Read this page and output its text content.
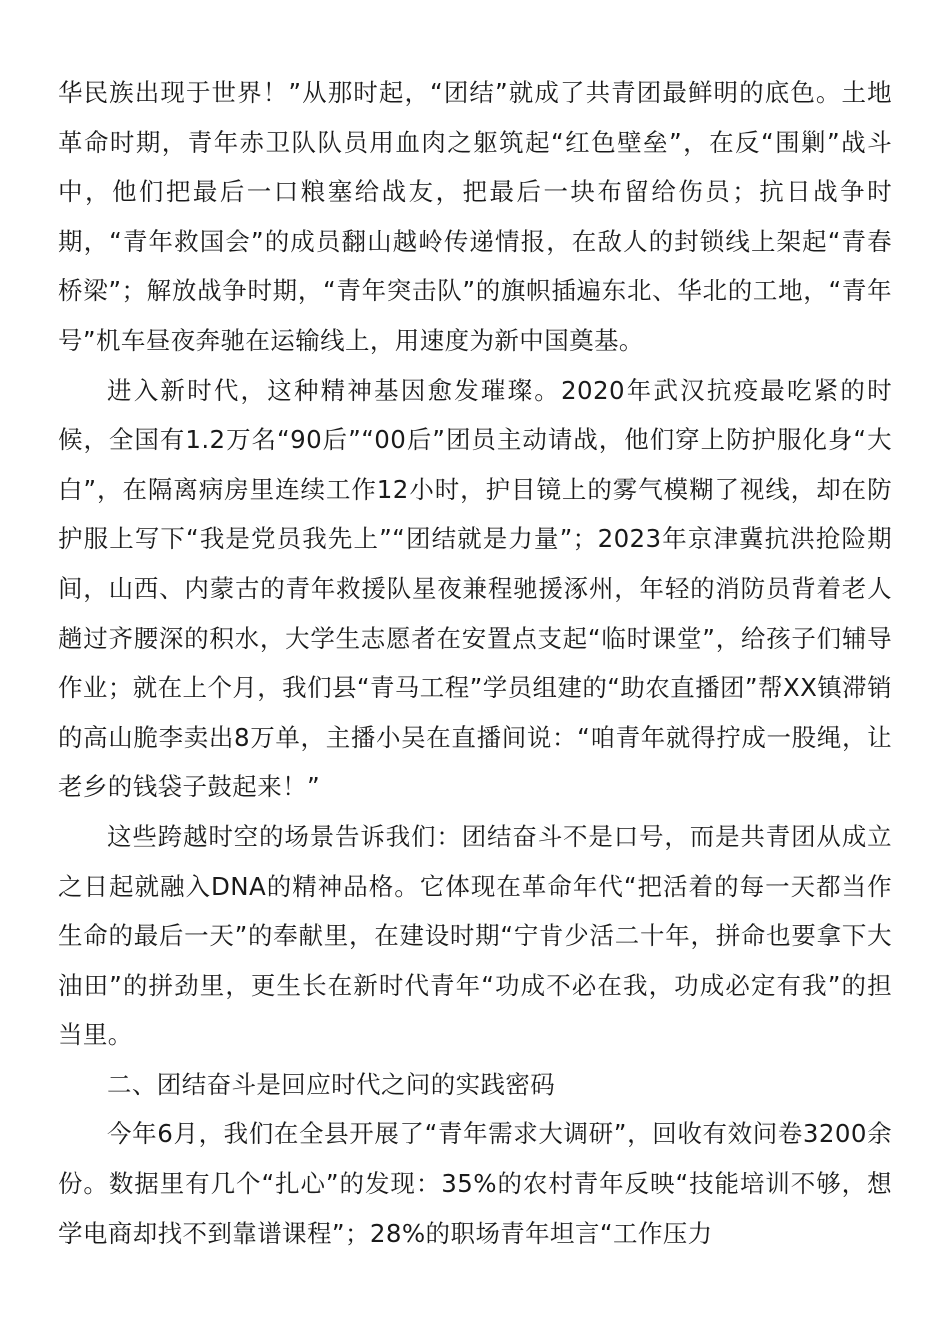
华民族出现于世界！”从那时起，“团结”就成了共青团最鲜明的底色。土地革命时期，青年赤卫队队员用血肉之躯筑起“红色壁垒”，在反“围剿”战斗中，他们把最后一口粮塞给战友，把最后一块布留给伤员；抗日战争时期，“青年救国会”的成员翻山越岭传递情报，在敌人的封锁线上架起“青春桥梁”；解放战争时期，“青年突击队”的旗帜插遍东北、华北的工地，“青年号”机车昼夜奔驰在运输线上，用速度为新中国奠基。

进入新时代，这种精神基因愈发璀璨。2020年武汉抗疫最吃紧的时候，全国有1.2万名“90后”“00后”团员主动请战，他们穿上防护服化身“大白”，在隔离病房里连续工作12小时，护目镜上的雾气模糊了视线，却在防护服上写下“我是党员我先上”“团结就是力量”；2023年京津冀抗洪抢险期间，山西、内蒙古的青年救援队星夜兼程驰援涿州，年轻的消防员背着老人趟过齐腰深的积水，大学生志愿者在安置点支起“临时课堂”，给孩子们辅导作业；就在上个月，我们县“青马工程”学员组建的“助农直播团”帮XX镇滞销的高山脆李卖出8万单，主播小吴在直播间说：“咱青年就得拧成一股绳，让老乡的钱袋子鼓起来！”

这些跨越时空的场景告诉我们：团结奋斗不是口号，而是共青团从成立之日起就融入DNA的精神品格。它体现在革命年代“把活着的每一天都当作生命的最后一天”的奉献里，在建设时期“宁肯少活二十年，拼命也要拿下大油田”的拼劲里，更生长在新时代青年“功成不必在我，功成必定有我”的担当里。

二、团结奋斗是回应时代之问的实践密码

今年6月，我们在全县开展了“青年需求大调研”，回收有效问卷3200余份。数据里有几个“扎心”的发现：35%的农村青年反映“技能培训不够，想学电商却找不到靠谱课程”；28%的职场青年坦言“工作压力
